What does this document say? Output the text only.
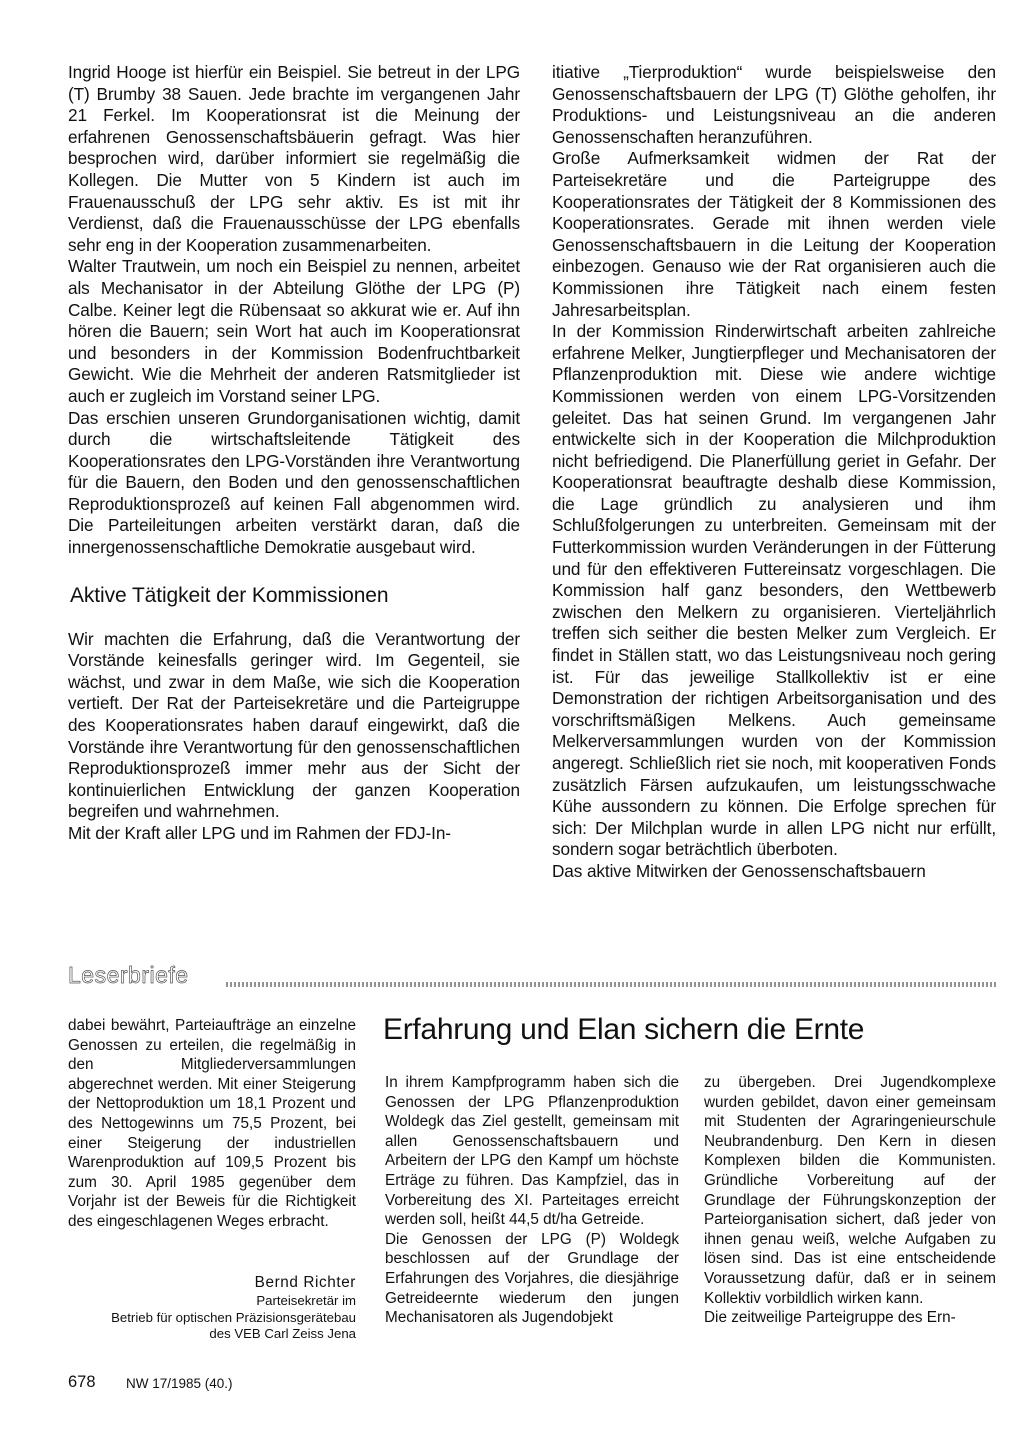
Ingrid Hooge ist hierfür ein Beispiel. Sie betreut in der LPG (T) Brumby 38 Sauen. Jede brachte im vergangenen Jahr 21 Ferkel. Im Kooperationsrat ist die Meinung der erfahrenen Genossenschaftsbäuerin gefragt. Was hier besprochen wird, darüber informiert sie regelmäßig die Kollegen. Die Mutter von 5 Kindern ist auch im Frauenausschuß der LPG sehr aktiv. Es ist mit ihr Verdienst, daß die Frauenausschüsse der LPG ebenfalls sehr eng in der Kooperation zusammenarbeiten.

Walter Trautwein, um noch ein Beispiel zu nennen, arbeitet als Mechanisator in der Abteilung Glöthe der LPG (P) Calbe. Keiner legt die Rübensaat so akkurat wie er. Auf ihn hören die Bauern; sein Wort hat auch im Kooperationsrat und besonders in der Kommission Bodenfruchtbarkeit Gewicht. Wie die Mehrheit der anderen Ratsmitglieder ist auch er zugleich im Vorstand seiner LPG.

Das erschien unseren Grundorganisationen wichtig, damit durch die wirtschaftsleitende Tätigkeit des Kooperationsrates den LPG-Vorständen ihre Verantwortung für die Bauern, den Boden und den genossenschaftlichen Reproduktionsprozeß auf keinen Fall abgenommen wird. Die Parteileitungen arbeiten verstärkt daran, daß die innergenossenschaftliche Demokratie ausgebaut wird.

Aktive Tätigkeit der Kommissionen

Wir machten die Erfahrung, daß die Verantwortung der Vorstände keinesfalls geringer wird. Im Gegenteil, sie wächst, und zwar in dem Maße, wie sich die Kooperation vertieft. Der Rat der Parteisekretäre und die Parteigruppe des Kooperationsrates haben darauf eingewirkt, daß die Vorstände ihre Verantwortung für den genossenschaftlichen Reproduktionsprozeß immer mehr aus der Sicht der kontinuierlichen Entwicklung der ganzen Kooperation begreifen und wahrnehmen.

Mit der Kraft aller LPG und im Rahmen der FDJ-In-

itiative „Tierproduktion“ wurde beispielsweise den Genossenschaftsbauern der LPG (T) Glöthe geholfen, ihr Produktions- und Leistungsniveau an die anderen Genossenschaften heranzuführen.

Große Aufmerksamkeit widmen der Rat der Parteisekretäre und die Parteigruppe des Kooperationsrates der Tätigkeit der 8 Kommissionen des Kooperationsrates. Gerade mit ihnen werden viele Genossenschaftsbauern in die Leitung der Kooperation einbezogen. Genauso wie der Rat organisieren auch die Kommissionen ihre Tätigkeit nach einem festen Jahresarbeitsplan.

In der Kommission Rinderwirtschaft arbeiten zahlreiche erfahrene Melker, Jungtierpfleger und Mechanisatoren der Pflanzenproduktion mit. Diese wie andere wichtige Kommissionen werden von einem LPG-Vorsitzenden geleitet. Das hat seinen Grund. Im vergangenen Jahr entwickelte sich in der Kooperation die Milchproduktion nicht befriedigend. Die Planerfüllung geriet in Gefahr. Der Kooperationsrat beauftragte deshalb diese Kommission, die Lage gründlich zu analysieren und ihm Schlußfolgerungen zu unterbreiten. Gemeinsam mit der Futterkommission wurden Veränderungen in der Fütterung und für den effektiveren Futtereinsatz vorgeschlagen. Die Kommission half ganz besonders, den Wettbewerb zwischen den Melkern zu organisieren. Vierteljährlich treffen sich seither die besten Melker zum Vergleich. Er findet in Ställen statt, wo das Leistungsniveau noch gering ist. Für das jeweilige Stallkollektiv ist er eine Demonstration der richtigen Arbeitsorganisation und des vorschriftsmäßigen Melkens. Auch gemeinsame Melkerversammlungen wurden von der Kommission angeregt. Schließlich riet sie noch, mit kooperativen Fonds zusätzlich Färsen aufzukaufen, um leistungsschwache Kühe aussondern zu können. Die Erfolge sprechen für sich: Der Milchplan wurde in allen LPG nicht nur erfüllt, sondern sogar beträchtlich überboten.

Das aktive Mitwirken der Genossenschaftsbauern

Leserbriefe

dabei bewährt, Parteiaufträge an einzelne Genossen zu erteilen, die regelmäßig in den Mitgliederversammlungen abgerechnet werden. Mit einer Steigerung der Nettoproduktion um 18,1 Prozent und des Nettogewinns um 75,5 Prozent, bei einer Steigerung der industriellen Warenproduktion auf 109,5 Prozent bis zum 30. April 1985 gegenüber dem Vorjahr ist der Beweis für die Richtigkeit des eingeschlagenen Weges erbracht.

Bernd Richter
Parteisekretär im
Betrieb für optischen Präzisionsgerätebau
des VEB Carl Zeiss Jena
Erfahrung und Elan sichern die Ernte

In ihrem Kampfprogramm haben sich die Genossen der LPG Pflanzenproduktion Woldegk das Ziel gestellt, gemeinsam mit allen Genossenschaftsbauern und Arbeitern der LPG den Kampf um höchste Erträge zu führen. Das Kampfziel, das in Vorbereitung des XI. Parteitages erreicht werden soll, heißt 44,5 dt/ha Getreide.

Die Genossen der LPG (P) Woldegk beschlossen auf der Grundlage der Erfahrungen des Vorjahres, die diesjährige Getreideernte wiederum den jungen Mechanisatoren als Jugendobjekt

zu übergeben. Drei Jugendkomplexe wurden gebildet, davon einer gemeinsam mit Studenten der Agraringenieurschule Neubrandenburg. Den Kern in diesen Komplexen bilden die Kommunisten. Gründliche Vorbereitung auf der Grundlage der Führungskonzeption der Parteiorganisation sichert, daß jeder von ihnen genau weiß, welche Aufgaben zu lösen sind. Das ist eine entscheidende Voraussetzung dafür, daß er in seinem Kollektiv vorbildlich wirken kann.

Die zeitweilige Parteigruppe des Ern-

678 NW 17/1985 (40.)
